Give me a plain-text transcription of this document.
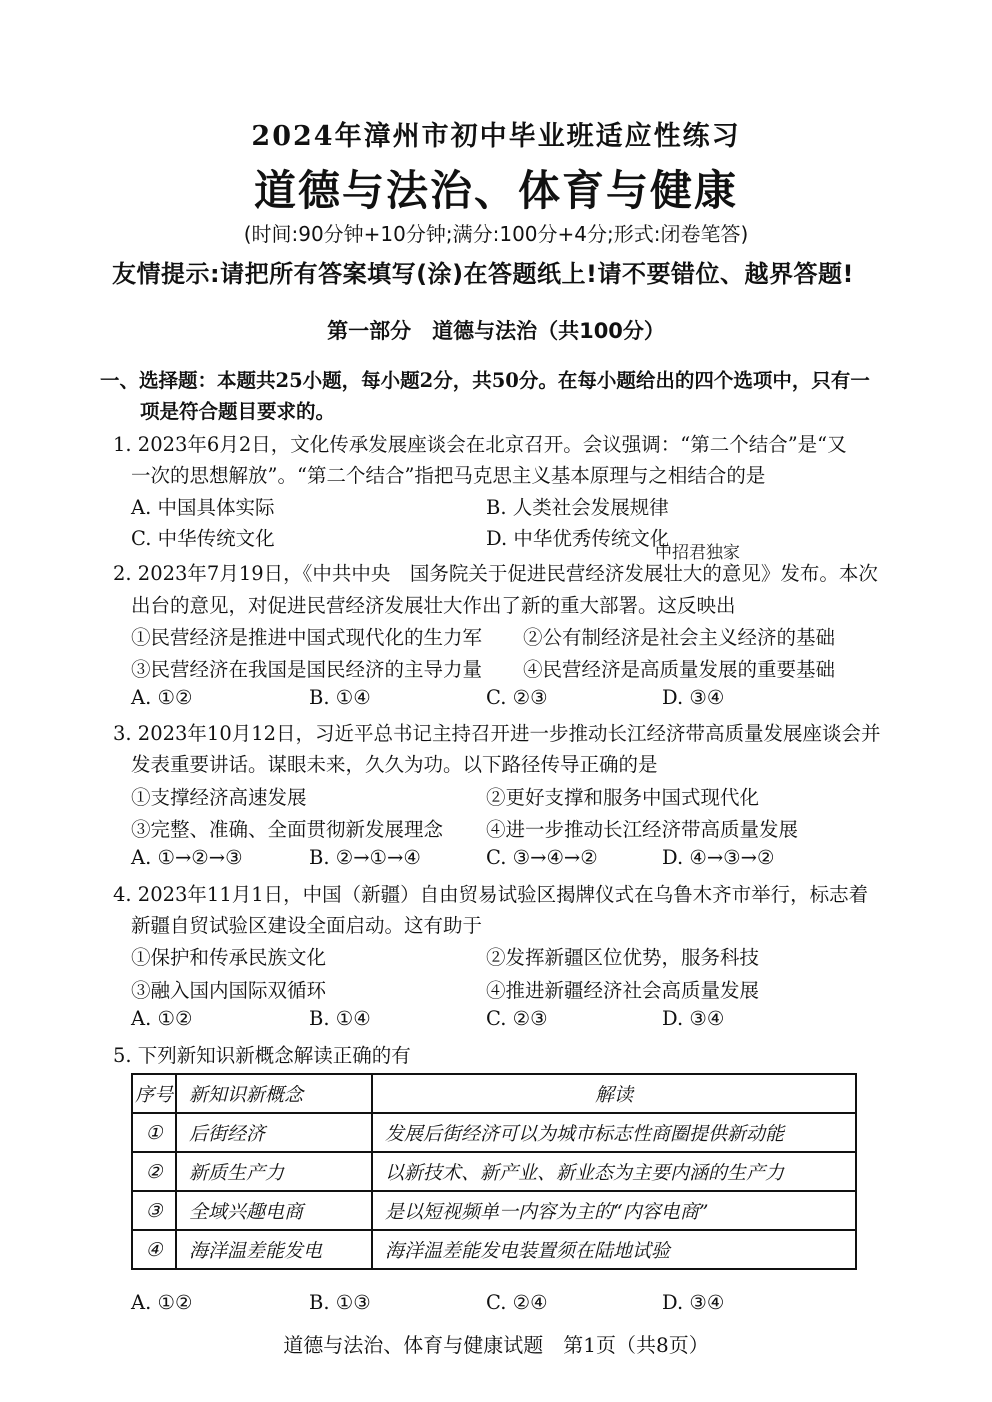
2024年漳州市初中毕业班适应性练习
道德与法治、体育与健康
(时间:90分钟+10分钟;满分:100分+4分;形式:闭卷笔答)
友情提示:请把所有答案填写(涂)在答题纸上!请不要错位、越界答题!
第一部分　道德与法治（共100分）
一、选择题：本题共25小题，每小题2分，共50分。在每小题给出的四个选项中，只有一
项是符合题目要求的。
1. 2023年6月2日，文化传承发展座谈会在北京召开。会议强调：“第二个结合”是“又
一次的思想解放”。“第二个结合”指把马克思主义基本原理与之相结合的是
A. 中国具体实际	B. 人类社会发展规律
C. 中华传统文化	D. 中华优秀传统文化
中招君独家
2. 2023年7月19日，《中共中央　国务院关于促进民营经济发展壮大的意见》发布。本次
出台的意见，对促进民营经济发展壮大作出了新的重大部署。这反映出
①民营经济是推进中国式现代化的生力军 ②公有制经济是社会主义经济的基础
③民营经济在我国是国民经济的主导力量 ④民营经济是高质量发展的重要基础
A. ①②	B. ①④	C. ②③	D. ③④
3. 2023年10月12日，习近平总书记主持召开进一步推动长江经济带高质量发展座谈会并
发表重要讲话。谋眼未来，久久为功。以下路径传导正确的是
①支撑经济高速发展	②更好支撑和服务中国式现代化
③完整、准确、全面贯彻新发展理念 ④进一步推动长江经济带高质量发展
A. ①→②→③	B. ②→①→④	C. ③→④→②	D. ④→③→②
4. 2023年11月1日，中国（新疆）自由贸易试验区揭牌仪式在乌鲁木齐市举行，标志着
新疆自贸试验区建设全面启动。这有助于
①保护和传承民族文化	②发挥新疆区位优势，服务科技
③融入国内国际双循环	④推进新疆经济社会高质量发展
A. ①②	B. ①④	C. ②③	D. ③④
5. 下列新知识新概念解读正确的有
序号	新知识新概念	解读
①	后街经济	发展后街经济可以为城市标志性商圈提供新动能
②	新质生产力	以新技术、新产业、新业态为主要内涵的生产力
③	全域兴趣电商	是以短视频单一内容为主的“内容电商”
④	海洋温差能发电	海洋温差能发电装置须在陆地试验
A. ①②	B. ①③	C. ②④	D. ③④
道德与法治、体育与健康试题　第1页（共8页）
